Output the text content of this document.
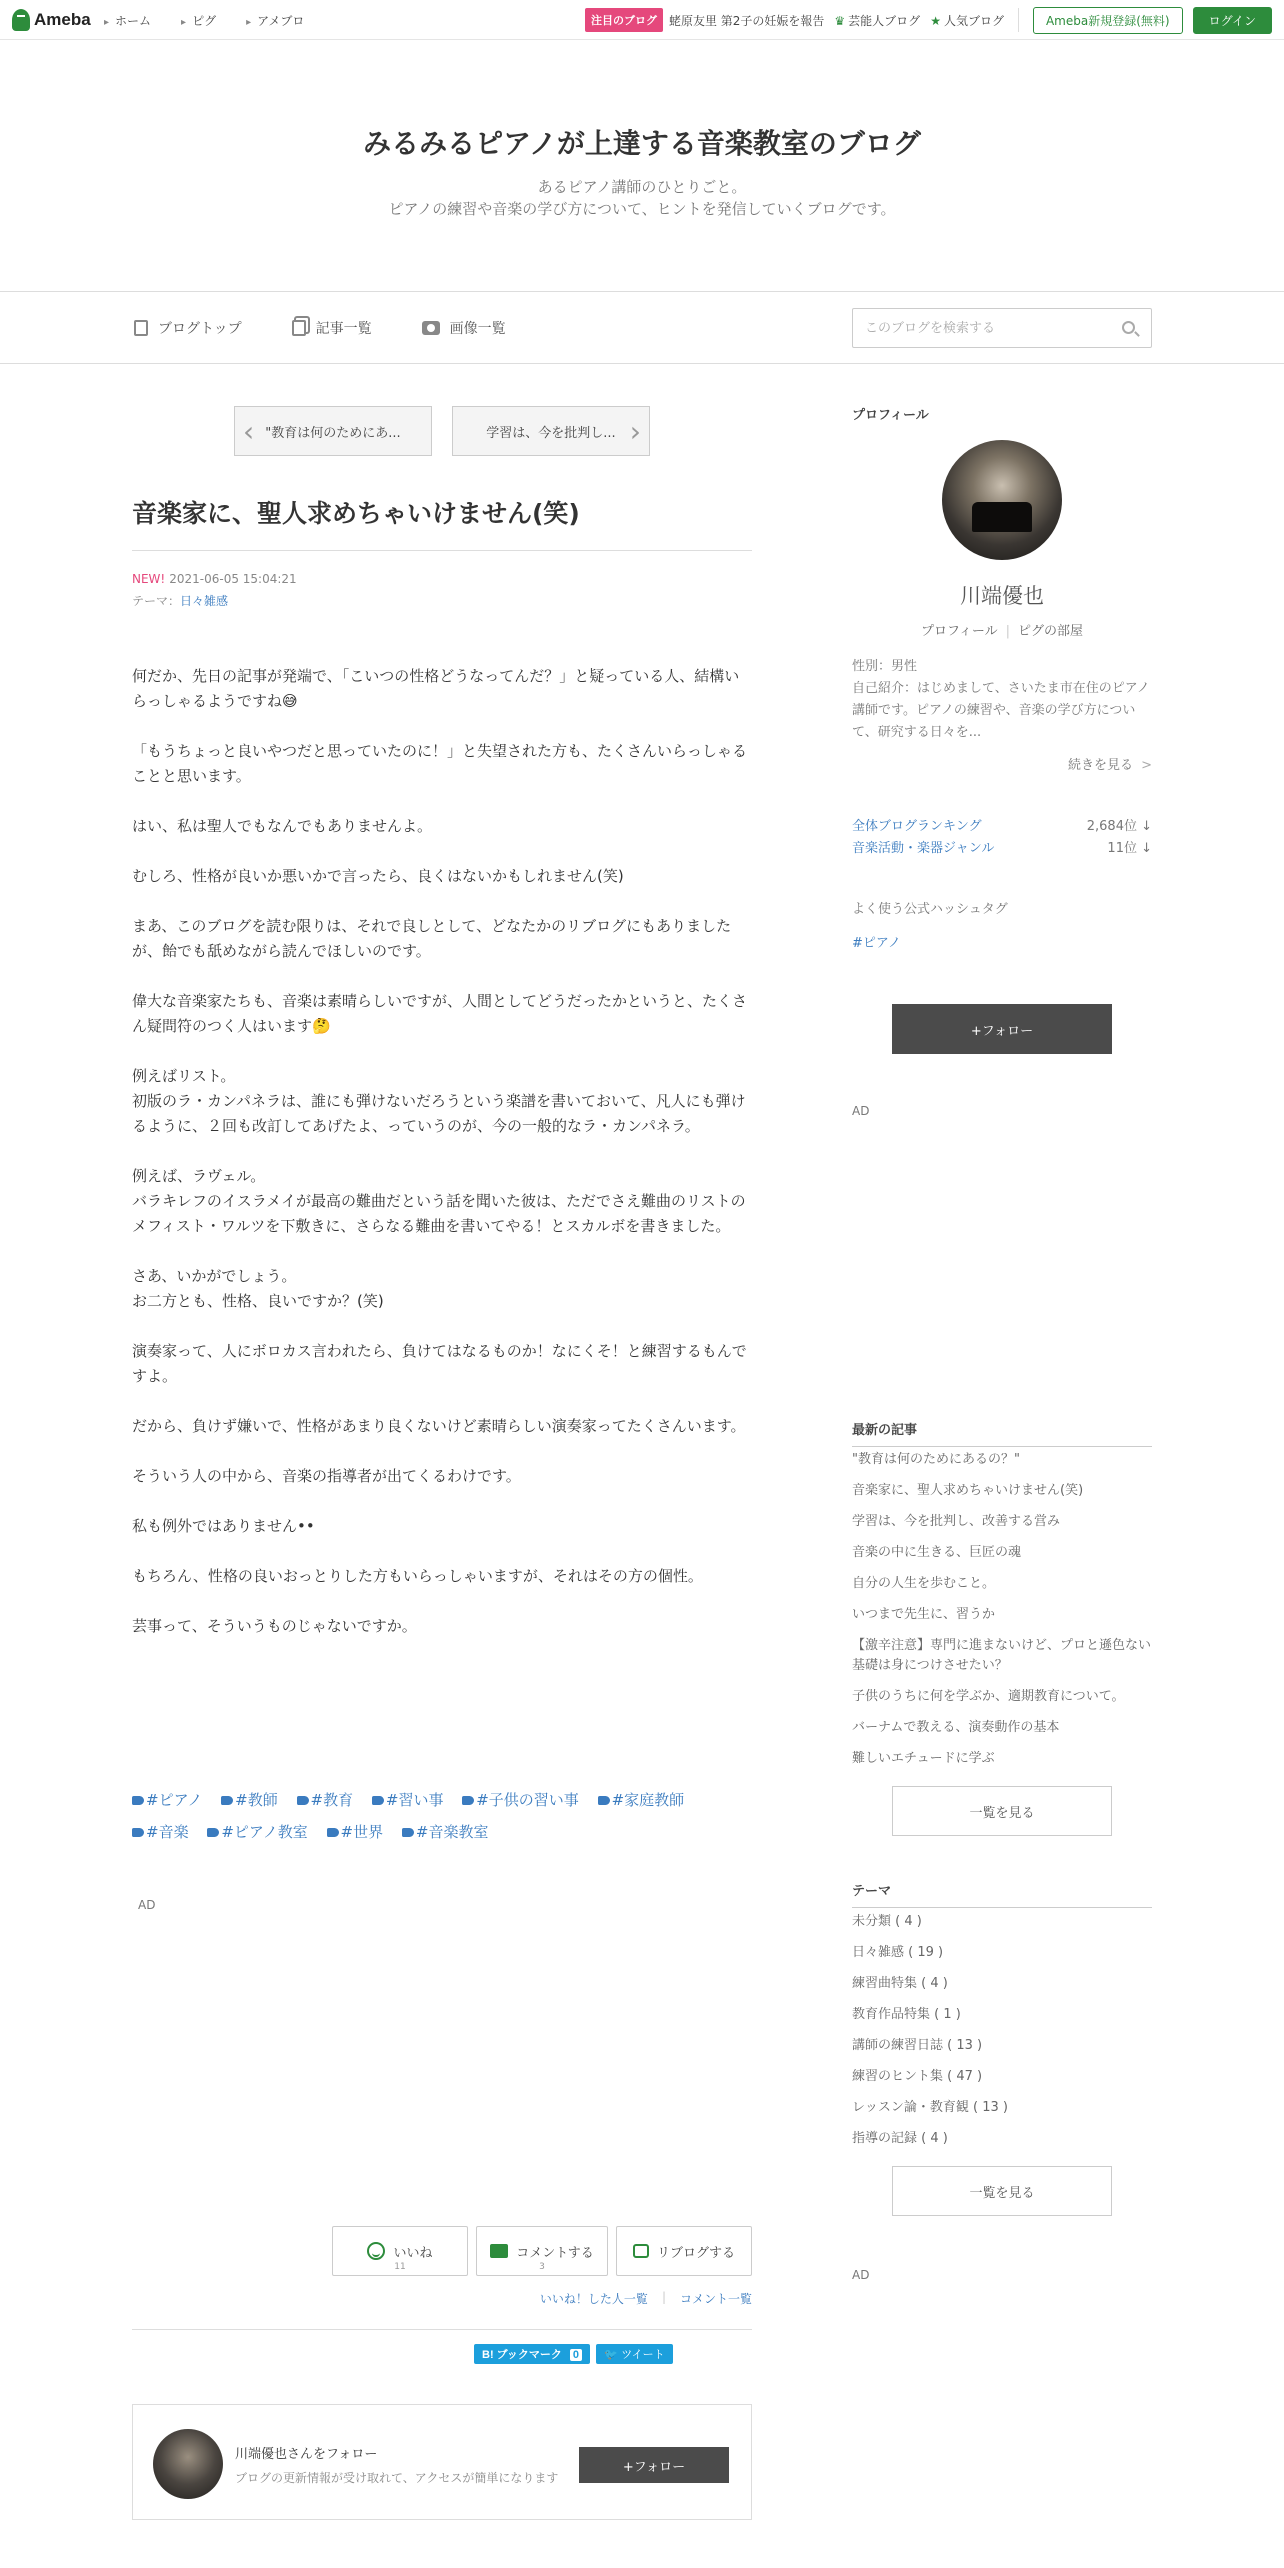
Ameba	▸ ホーム	▸ ピグ	▸ アメブロ	注目のブログ	蛯原友里 第2子の妊娠を報告 ♛ 芸能人ブログ ★ 人気ブログ	Ameba新規登録(無料)	ログイン
みるみるピアノが上達する音楽教室のブログ
あるピアノ講師のひとりごと。
ピアノの練習や音楽の学び方について、ヒントを発信していくブログです。
ブログトップ	記事一覧	画像一覧
このブログを検索する
‹ "教育は何のためにあ...	学習は、今を批判し... ›
音楽家に、聖人求めちゃいけません(笑)
NEW! 2021-06-05 15:04:21
テーマ：日々雑感

何だか、先日の記事が発端で、「こいつの性格どうなってんだ？」と疑っている人、結構いらっしゃるようですね😅

「もうちょっと良いやつだと思っていたのに！」と失望された方も、たくさんいらっしゃることと思います。

はい、私は聖人でもなんでもありませんよ。

むしろ、性格が良いか悪いかで言ったら、良くはないかもしれません(笑)

まあ、このブログを読む限りは、それで良しとして、どなたかのリブログにもありましたが、飴でも舐めながら読んでほしいのです。

偉大な音楽家たちも、音楽は素晴らしいですが、人間としてどうだったかというと、たくさん疑問符のつく人はいます🤔

例えばリスト。
初版のラ・カンパネラは、誰にも弾けないだろうという楽譜を書いておいて、凡人にも弾けるように、２回も改訂してあげたよ、っていうのが、今の一般的なラ・カンパネラ。

例えば、ラヴェル。
バラキレフのイスラメイが最高の難曲だという話を聞いた彼は、ただでさえ難曲のリストのメフィスト・ワルツを下敷きに、さらなる難曲を書いてやる！とスカルボを書きました。

さあ、いかがでしょう。
お二方とも、性格、良いですか？(笑)

演奏家って、人にボロカス言われたら、負けてはなるものか！なにくそ！と練習するもんですよ。

だから、負けず嫌いで、性格があまり良くないけど素晴らしい演奏家ってたくさんいます。

そういう人の中から、音楽の指導者が出てくるわけです。

私も例外ではありません••

もちろん、性格の良いおっとりした方もいらっしゃいますが、それはその方の個性。

芸事って、そういうものじゃないですか。

#ピアノ #教師 #教育 #習い事 #子供の習い事 #家庭教師 #音楽 #ピアノ教室 #世界 #音楽教室
AD
いいね
11
コメントする
3
リブログする
いいね！した人一覧 | コメント一覧
B! ブックマーク 0	🐦 ツイート
川端優也さんをフォロー
ブログの更新情報が受け取れて、アクセスが簡単になります
+フォロー
プロフィール
川端優也
プロフィール | ピグの部屋
性別：男性
自己紹介：はじめまして、さいたま市在住のピアノ講師です。ピアノの練習や、音楽の学び方について、研究する日々を...
続きを見る >
全体ブログランキング	2,684位 ↓
音楽活動・楽器ジャンル	11位 ↓
よく使う公式ハッシュタグ
#ピアノ
+フォロー
AD
最新の記事
"教育は何のためにあるの？"
音楽家に、聖人求めちゃいけません(笑)
学習は、今を批判し、改善する営み
音楽の中に生きる、巨匠の魂
自分の人生を歩むこと。
いつまで先生に、習うか
【激辛注意】専門に進まないけど、プロと遜色ない基礎は身につけさせたい？
子供のうちに何を学ぶか、適期教育について。
バーナムで教える、演奏動作の基本
難しいエチュードに学ぶ
一覧を見る
テーマ
未分類 ( 4 )
日々雑感 ( 19 )
練習曲特集 ( 4 )
教育作品特集 ( 1 )
講師の練習日誌 ( 13 )
練習のヒント集 ( 47 )
レッスン論・教育観 ( 13 )
指導の記録 ( 4 )
一覧を見る
AD
